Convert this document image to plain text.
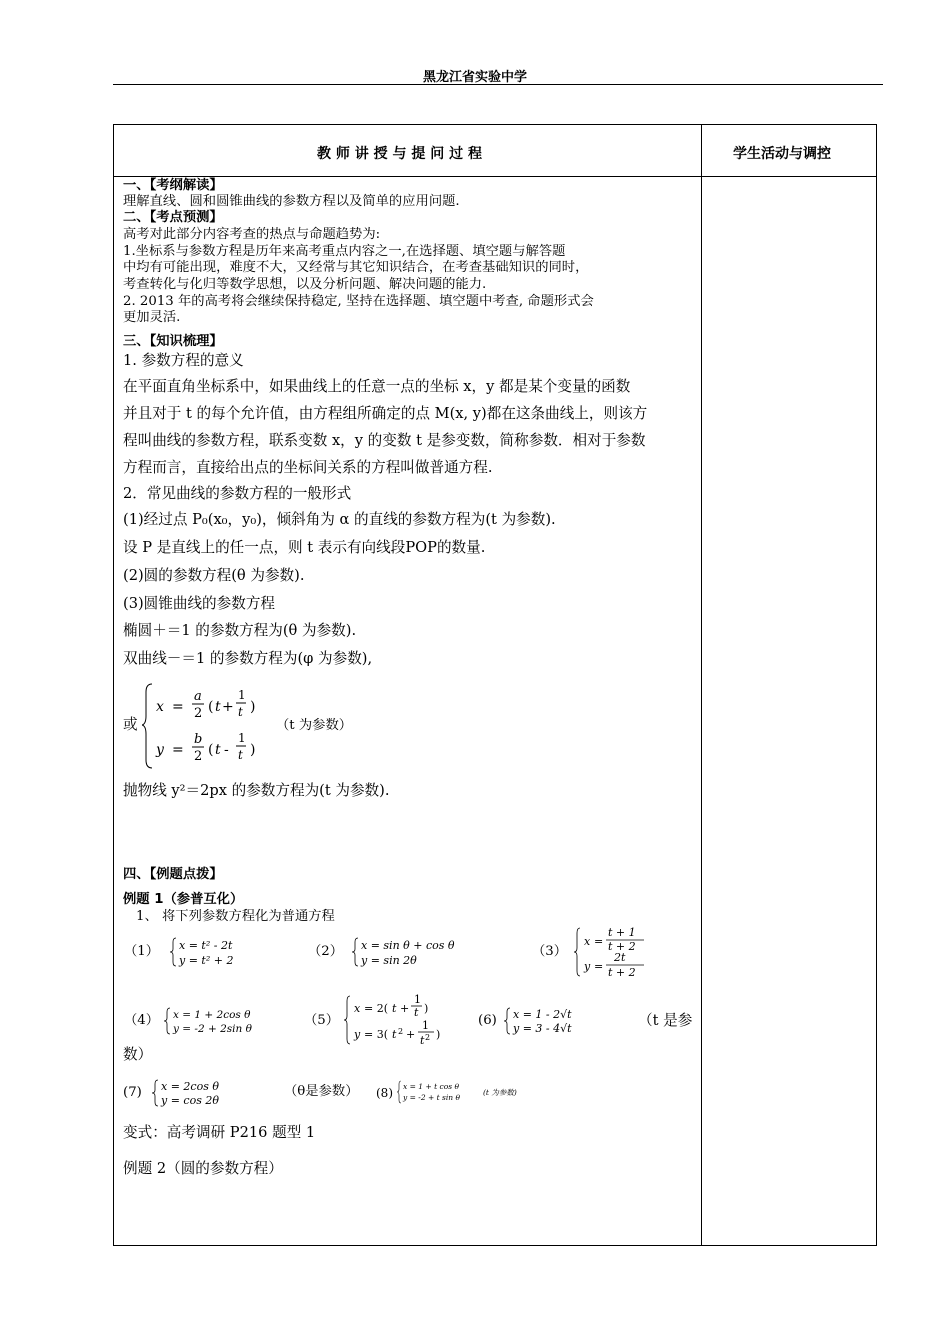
黑龙江省实验中学
教 师 讲 授 与 提 问 过 程	学生活动与调控
一、【考纲解读】
理解直线、圆和圆锥曲线的参数方程以及简单的应用问题.
二、【考点预测】
高考对此部分内容考查的热点与命题趋势为:
1.坐标系与参数方程是历年来高考重点内容之一,在选择题、填空题与解答题
中均有可能出现，难度不大，又经常与其它知识结合，在考查基础知识的同时，
考查转化与化归等数学思想，以及分析问题、解决问题的能力.
2. 2013 年的高考将会继续保持稳定, 坚持在选择题、填空题中考查, 命题形式会
更加灵活.
三、【知识梳理】
1. 参数方程的意义
在平面直角坐标系中，如果曲线上的任意一点的坐标 x，y 都是某个变量的函数
并且对于 t 的每个允许值，由方程组所确定的点 M(x, y)都在这条曲线上，则该方
程叫曲线的参数方程，联系变数 x，y 的变数 t 是参变数，简称参数．相对于参数
方程而言，直接给出点的坐标间关系的方程叫做普通方程.
2．常见曲线的参数方程的一般形式
(1)经过点 P₀(x₀，y₀)，倾斜角为 α 的直线的参数方程为(t 为参数).
设 P 是直线上的任一点，则 t 表示有向线段POP的数量.
(2)圆的参数方程(θ 为参数).
(3)圆锥曲线的参数方程
椭圆＋＝1 的参数方程为(θ 为参数).
双曲线－＝1 的参数方程为(φ 为参数),
或
x =
a
2 ( t +
1
t )
y =
b
2 ( t -
1
t )
（t 为参数）
抛物线 y²＝2px 的参数方程为(t 为参数).
四、【例题点拨】
例题 1（参普互化）
1、 将下列参数方程化为普通方程
（1） x = t² - 2t
y = t² + 2
（2） x = sin θ + cos θ
y = sin 2θ
（3）
x =
t + 1
t + 2
y =
2t
t + 2
（4） x = 1 + 2cos θ
y = -2 + 2sin θ
（5）
x = 2( t +
1
t )
y = 3( t 2 +
1
t 2 )
(6) x = 1 - 2√t
y = 3 - 4√t	（t 是参
数）
(7) x = 2cos θ
y = cos 2θ
（θ是参数） (8) x = 1 + t cos θ
y = -2 + t sin θ
(t 为参数)
变式：高考调研 P216 题型 1
例题 2（圆的参数方程）
